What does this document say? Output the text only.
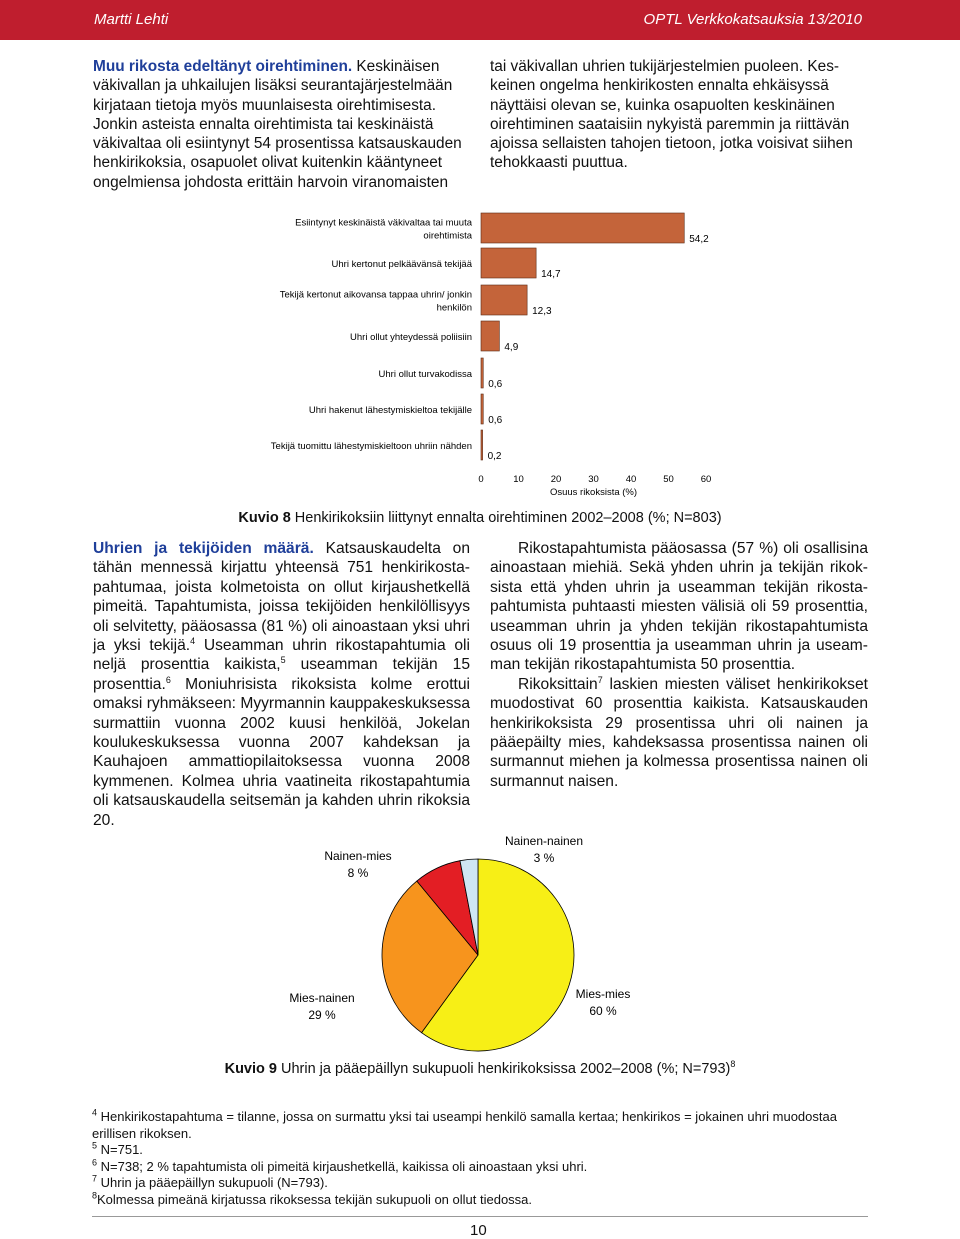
Martti Lehti	OPTL Verkkokatsauksia 13/2010
Muu rikosta edeltänyt oirehtiminen. Keskinäisen
väkivallan ja uhkailujen lisäksi seurantajärjestelmään
kirjataan tietoja myös muunlaisesta oirehtimisesta.
Jonkin asteista ennalta oirehtimista tai keskinäistä
väkivaltaa oli esiintynyt 54 prosentissa katsauskauden
henkirikoksia, osapuolet olivat kuitenkin kääntyneet
ongelmiensa johdosta erittäin harvoin viranomaisten
tai väkivallan uhrien tukijärjestelmien puoleen. Kes-
keinen ongelma henkirikosten ennalta ehkäisyssä
näyttäisi olevan se, kuinka osapuolten keskinäinen
oirehtiminen saataisiin nykyistä paremmin ja riittävän
ajoissa sellaisten tahojen tietoon, jotka voisivat siihen
tehokkaasti puuttua.
Esiintynyt keskinäistä väkivaltaa tai muuta
oirehtimista	54,2
Uhri kertonut pelkäävänsä tekijää
14,7
Tekijä kertonut aikovansa tappaa uhrin/ jonkin
henkilön	12,3
Uhri ollut yhteydessä poliisiin
4,9
Uhri ollut turvakodissa
0,6
Uhri hakenut lähestymiskieltoa tekijälle
0,6
Tekijä tuomittu lähestymiskieltoon uhriin nähden
0,2
0	10	20	30	40	50	60
Osuus rikoksista (%)
Kuvio 8 Henkirikoksiin liittynyt ennalta oirehtiminen 2002–2008 (%; N=803)

Uhrien ja tekijöiden määrä. Katsauskaudelta on tähän mennessä kirjattu yhteensä 751 henkirikostapahtumaa, joista kolmetoista on ollut kirjaushetkellä pimeitä. Tapahtumista, joissa tekijöiden henkilöllisyys oli selvitetty, pääosassa (81 %) oli ainoastaan yksi uhri ja yksi tekijä.$^4$ Useamman uhrin rikostapahtumia oli neljä prosenttia kaikista,$^5$ useamman tekijän 15 prosenttia.$^6$ Moniuhrisista rikoksista kolme erottui omaksi ryhmäkseen: Myyrmannin kauppakeskuksessa surmattiin vuonna 2002 kuusi henkilöä, Jokelan koulukeskuksessa vuonna 2007 kahdeksan ja Kauhajoen ammattiopilaitoksessa vuonna 2008 kymmenen. Kolmea uhria vaatineita rikostapahtumia oli katsauskaudella seitsemän ja kahden uhrin rikoksia 20.

Rikostapahtumista pääosassa (57 %) oli osallisina ainoastaan miehiä. Sekä yhden uhrin ja tekijän rikoksista että yhden uhrin ja useamman tekijän rikostapahtumista puhtaasti miesten välisiä oli 59 prosenttia, useamman uhrin ja yhden tekijän rikostapahtumista osuus oli 19 prosenttia ja useamman uhrin ja useamman tekijän rikostapahtumista 50 prosenttia.

Rikoksittain$^7$ laskien miesten väliset henkirikokset muodostivat 60 prosenttia kaikista. Katsauskauden henkirikoksista 29 prosentissa uhri oli nainen ja pääepäilty mies, kahdeksassa prosentissa nainen oli surmannut miehen ja kolmessa prosentissa nainen oli surmannut naisen.

Mies-mies
60 %
Mies-nainen
29 %
Nainen-mies
8 %
Nainen-nainen
3 %
Kuvio 9 Uhrin ja pääepäillyn sukupuoli henkirikoksissa 2002–2008 (%; N=793)$^8$
$^4$ Henkirikostapahtuma = tilanne, jossa on surmattu yksi tai useampi henkilö samalla kertaa; henkirikos = jokainen uhri muodostaa erillisen rikoksen.
$^5$ N=751.
$^6$ N=738; 2 % tapahtumista oli pimeitä kirjaushetkellä, kaikissa oli ainoastaan yksi uhri.
$^7$ Uhrin ja pääepäillyn sukupuoli (N=793).
$^8$Kolmessa pimeänä kirjatussa rikoksessa tekijän sukupuoli on ollut tiedossa.
10
